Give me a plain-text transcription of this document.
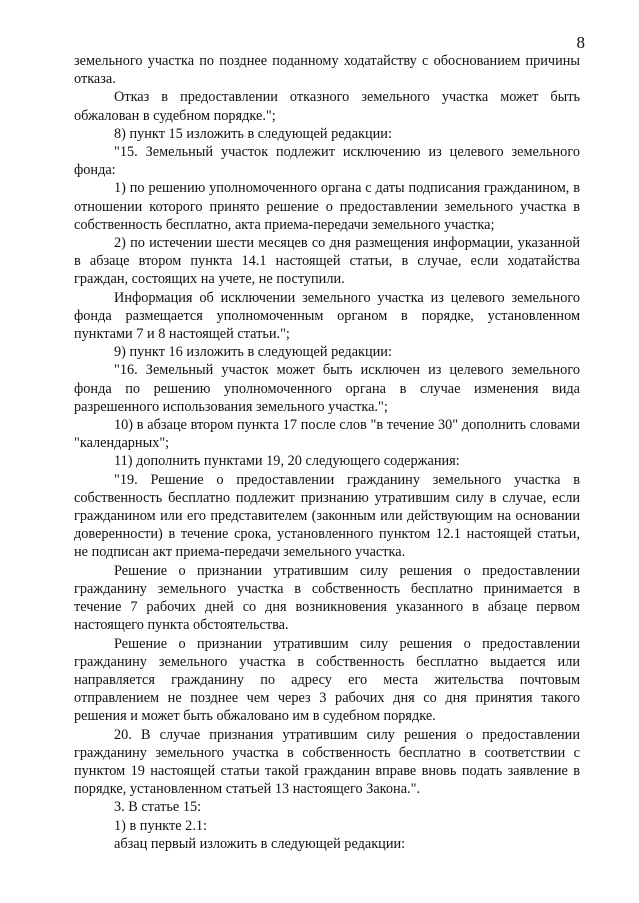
8

земельного участка по позднее поданному ходатайству с обоснованием причины отказа.

Отказ в предоставлении отказного земельного участка может быть обжалован в судебном порядке.";

8) пункт 15 изложить в следующей редакции:

"15. Земельный участок подлежит исключению из целевого земельного фонда:

1) по решению уполномоченного органа с даты подписания гражданином, в отношении которого принято решение о предоставлении земельного участка в собственность бесплатно, акта приема-передачи земельного участка;

2) по истечении шести месяцев со дня размещения информации, указанной в абзаце втором пункта 14.1 настоящей статьи, в случае, если ходатайства граждан, состоящих на учете, не поступили.

Информация об исключении земельного участка из целевого земельного фонда размещается уполномоченным органом в порядке, установленном пунктами 7 и 8 настоящей статьи.";

9) пункт 16 изложить в следующей редакции:

"16. Земельный участок может быть исключен из целевого земельного фонда по решению уполномоченного органа в случае изменения вида разрешенного использования земельного участка.";

10) в абзаце втором пункта 17 после слов "в течение 30" дополнить словами "календарных";

11) дополнить пунктами 19, 20 следующего содержания:

"19. Решение о предоставлении гражданину земельного участка в собственность бесплатно подлежит признанию утратившим силу в случае, если гражданином или его представителем (законным или действующим на основании доверенности) в течение срока, установленного пунктом 12.1 настоящей статьи, не подписан акт приема-передачи земельного участка.

Решение о признании утратившим силу решения о предоставлении гражданину земельного участка в собственность бесплатно принимается в течение 7 рабочих дней со дня возникновения указанного в абзаце первом настоящего пункта обстоятельства.

Решение о признании утратившим силу решения о предоставлении гражданину земельного участка в собственность бесплатно выдается или направляется гражданину по адресу его места жительства почтовым отправлением не позднее чем через 3 рабочих дня со дня принятия такого решения и может быть обжаловано им в судебном порядке.

20. В случае признания утратившим силу решения о предоставлении гражданину земельного участка в собственность бесплатно в соответствии с пунктом 19 настоящей статьи такой гражданин вправе вновь подать заявление в порядке, установленном статьей 13 настоящего Закона.".

3. В статье 15:

1) в пункте 2.1:

абзац первый изложить в следующей редакции:
